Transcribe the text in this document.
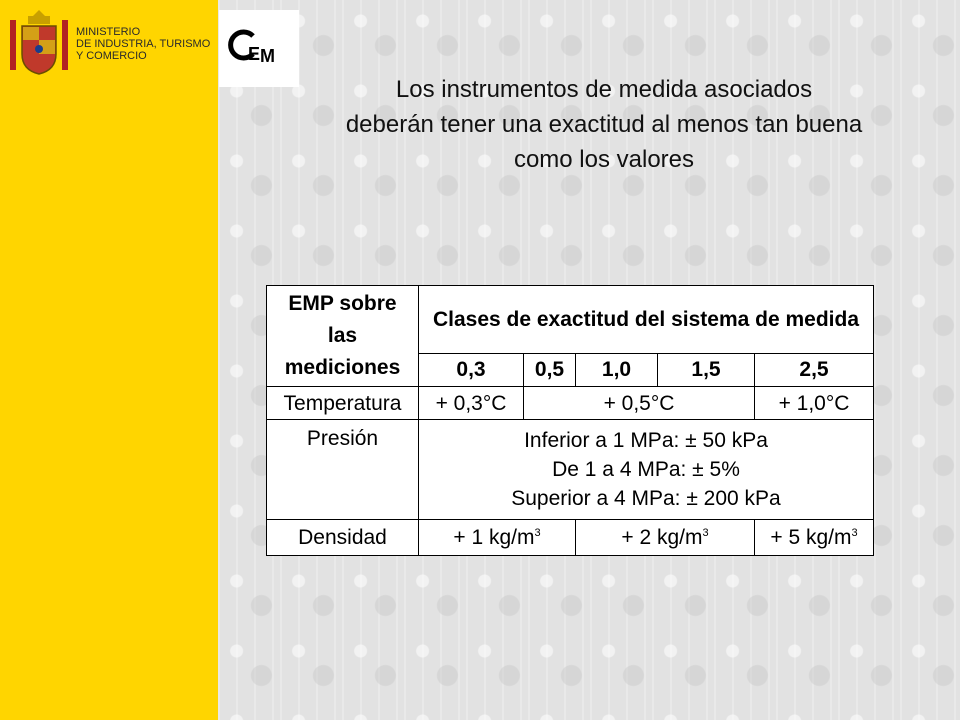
MINISTERIO
DE INDUSTRIA, TURISMO
Y COMERCIO	E M
Los instrumentos de medida asociados
deberán tener una exactitud al menos tan buena
como los valores
EMP sobre
las
mediciones	Clases de exactitud del sistema de medida				
	0,3	0,5	1,0	1,5	2,5
Temperatura	+ 0,3°C	+ 0,5°C			+ 1,0°C
Presión	Inferior a 1 MPa: ± 50 kPa
De 1 a 4 MPa: ± 5%
Superior a 4 MPa: ± 200 kPa				

Densidad	+ 1 $kg/m^3$		+ 2 $kg/m^3$		+ 5 $kg/m^3$
